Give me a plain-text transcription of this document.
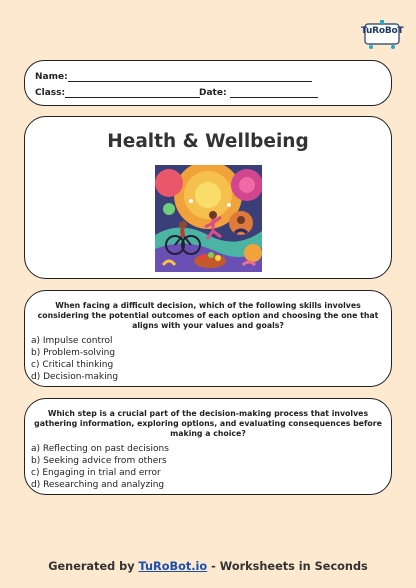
TuRoBoT
Name:
Class:	Date:
Health & Wellbeing
When facing a difficult decision, which of the following skills involves considering the potential outcomes of each option and choosing the one that aligns with your values and goals?
a) Impulse control
b) Problem-solving
c) Critical thinking
d) Decision-making
Which step is a crucial part of the decision-making process that involves gathering information, exploring options, and evaluating consequences before making a choice?
a) Reflecting on past decisions
b) Seeking advice from others
c) Engaging in trial and error
d) Researching and analyzing
Generated by TuRoBot.io - Worksheets in Seconds
